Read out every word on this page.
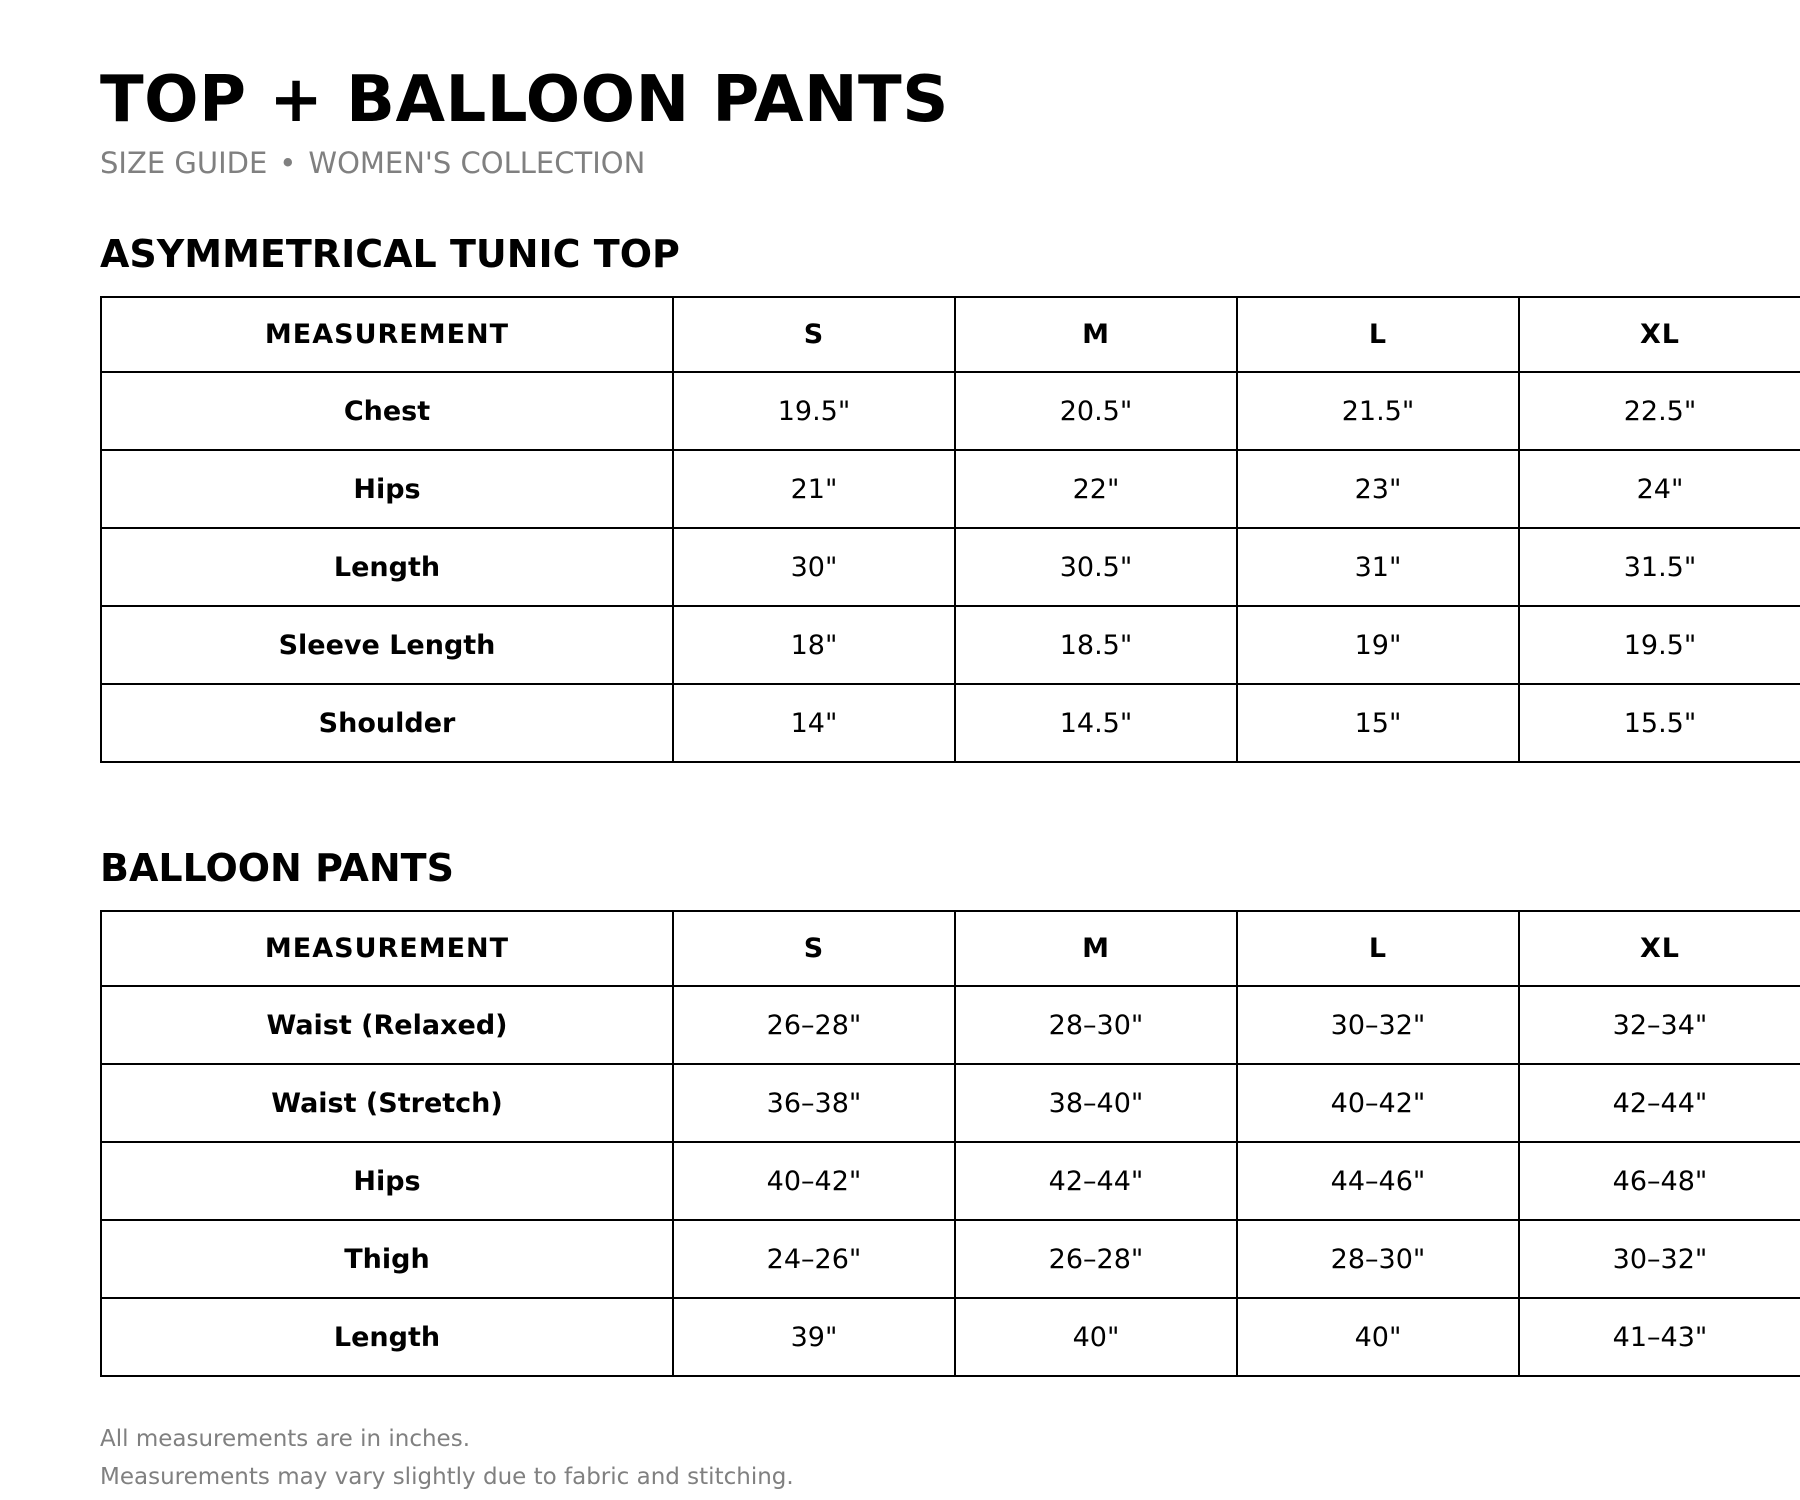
TOP + BALLOON PANTS
SIZE GUIDE • WOMEN'S COLLECTION
ASYMMETRICAL TUNIC TOP
MEASUREMENT	S	M	L	XL
Chest	19.5"	20.5"	21.5"	22.5"
Hips	21"	22"	23"	24"
Length	30"	30.5"	31"	31.5"
Sleeve Length	18"	18.5"	19"	19.5"
Shoulder	14"	14.5"	15"	15.5"
BALLOON PANTS
MEASUREMENT	S	M	L	XL
Waist (Relaxed)	26–28"	28–30"	30–32"	32–34"
Waist (Stretch)	36–38"	38–40"	40–42"	42–44"
Hips	40–42"	42–44"	44–46"	46–48"
Thigh	24–26"	26–28"	28–30"	30–32"
Length	39"	40"	40"	41–43"
All measurements are in inches.
Measurements may vary slightly due to fabric and stitching.
